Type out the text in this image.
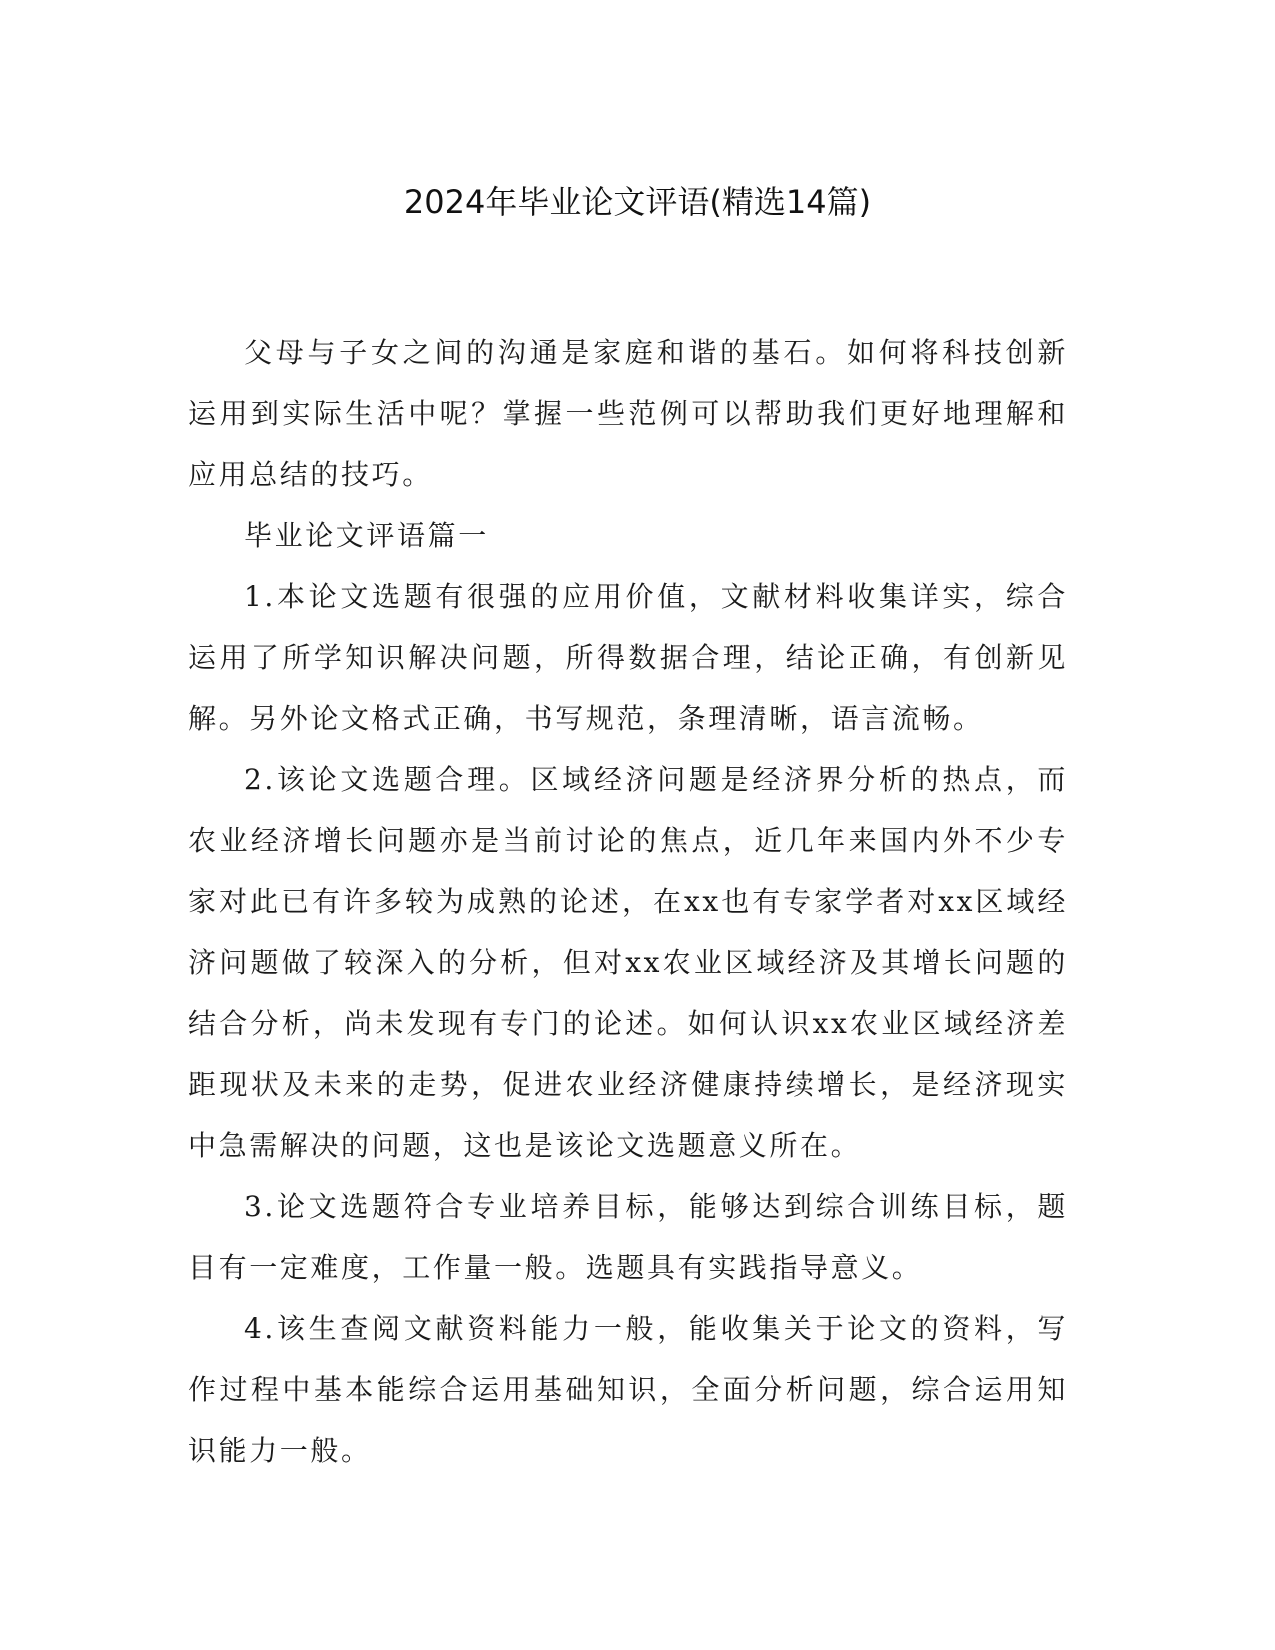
2024年毕业论文评语(精选14篇)

父母与子女之间的沟通是家庭和谐的基石。如何将科技创新运用到实际生活中呢？掌握一些范例可以帮助我们更好地理解和应用总结的技巧。

毕业论文评语篇一

1.本论文选题有很强的应用价值，文献材料收集详实，综合运用了所学知识解决问题，所得数据合理，结论正确，有创新见解。另外论文格式正确，书写规范，条理清晰，语言流畅。

2.该论文选题合理。区域经济问题是经济界分析的热点，而农业经济增长问题亦是当前讨论的焦点，近几年来国内外不少专家对此已有许多较为成熟的论述，在xx也有专家学者对xx区域经济问题做了较深入的分析，但对xx农业区域经济及其增长问题的结合分析，尚未发现有专门的论述。如何认识xx农业区域经济差距现状及未来的走势，促进农业经济健康持续增长，是经济现实中急需解决的问题，这也是该论文选题意义所在。

3.论文选题符合专业培养目标，能够达到综合训练目标，题目有一定难度，工作量一般。选题具有实践指导意义。

4.该生查阅文献资料能力一般，能收集关于论文的资料，写作过程中基本能综合运用基础知识，全面分析问题，综合运用知识能力一般。
